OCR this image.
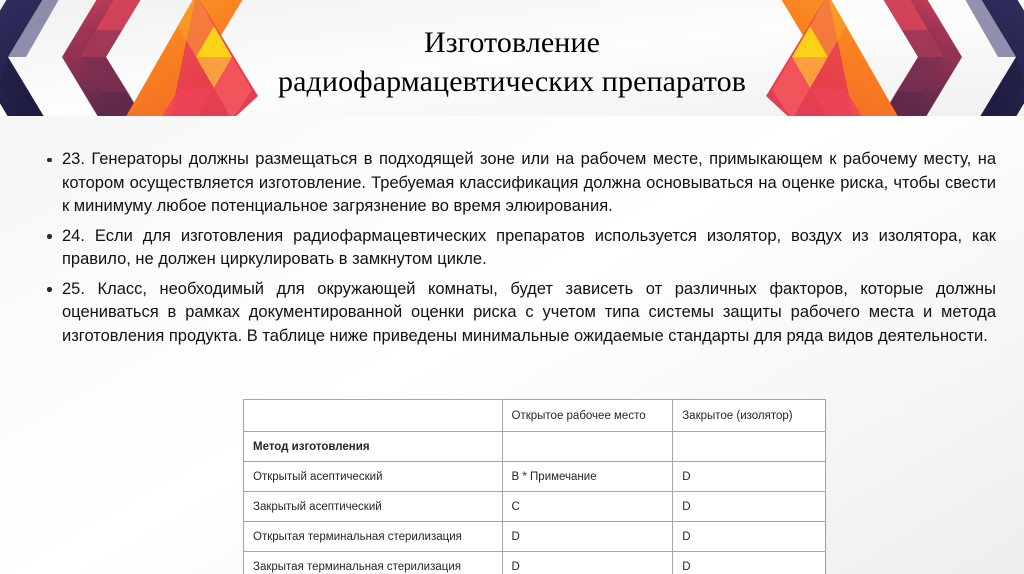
Изготовление
радиофармацевтических препаратов

23. Генераторы должны размещаться в подходящей зоне или на рабочем месте, примыкающем к рабочему месту, на котором осуществляется изготовление. Требуемая классификация должна основываться на оценке риска, чтобы свести к минимуму любое потенциальное загрязнение во время элюирования.

24. Если для изготовления радиофармацевтических препаратов используется изолятор, воздух из изолятора, как правило, не должен циркулировать в замкнутом цикле.

25. Класс, необходимый для окружающей комнаты, будет зависеть от различных факторов, которые должны оцениваться в рамках документированной оценки риска с учетом типа системы защиты рабочего места и метода изготовления продукта. В таблице ниже приведены минимальные ожидаемые стандарты для ряда видов деятельности.

	Открытое рабочее место	Закрытое (изолятор)
Метод изготовления		
Открытый асептический	B * Примечание	D
Закрытый асептический	C	D
Открытая терминальная стерилизация	D	D
Закрытая терминальная стерилизация	D	D
